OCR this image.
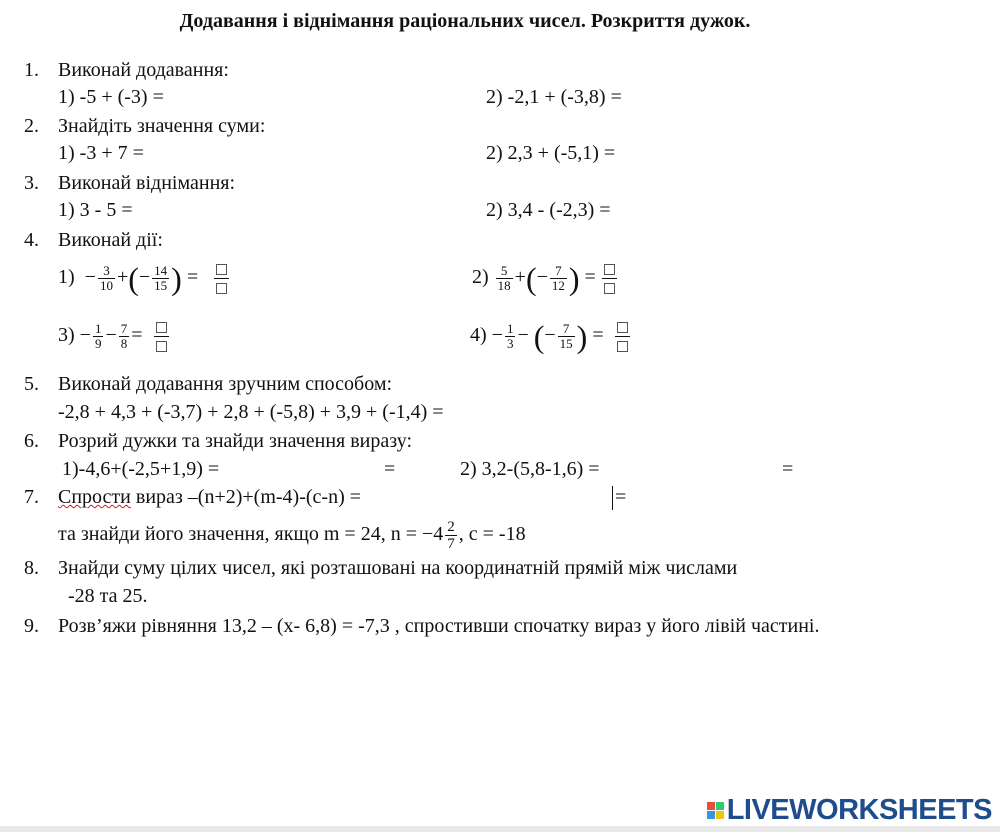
Додавання і віднімання раціональних чисел. Розкриття дужок.
1. Виконай додавання:
1) -5 + (-3) =	2) -2,1 + (-3,8) =
2. Знайдіть значення суми:
1) -3 + 7 =	2) 2,3 + (-5,1) =
3. Виконай віднімання:
1) 3 - 5 =	2) 3,4 - (-2,3) =
4. Виконай дії:
$1) - \frac{3}{10}$ +(− $\frac{14}{15}$ ) =	$2) \frac{5}{18}$ +(− $\frac{7}{12}$ ) =
$3) - \frac{1}{9} - \frac{7}{8}$ =	$4) - \frac{1}{3}$ − (− $\frac{7}{15}$ ) =
5. Виконай додавання зручним способом:
-2,8 + 4,3 + (-3,7) + 2,8 + (-5,8) + 3,9 + (-1,4) =
6. Розрий дужки та знайди значення виразу:
1)-4,6+(-2,5+1,9) =	=	2) 3,2-(5,8-1,6) =	=
7. Спрости вираз –(n+2)+(m-4)-(c-n) =	=
та знайди його значення, якщо m = 24, $n = -4 \frac{2}{7}$ , c = -18
8. Знайди суму цілих чисел, які розташовані на координатній прямій між числами
-28 та 25.
9. Розв’яжи рівняння 13,2 – (x- 6,8) = -7,3 , спростивши спочатку вираз у його лівій частині.
LIVEWORKSHEETS
